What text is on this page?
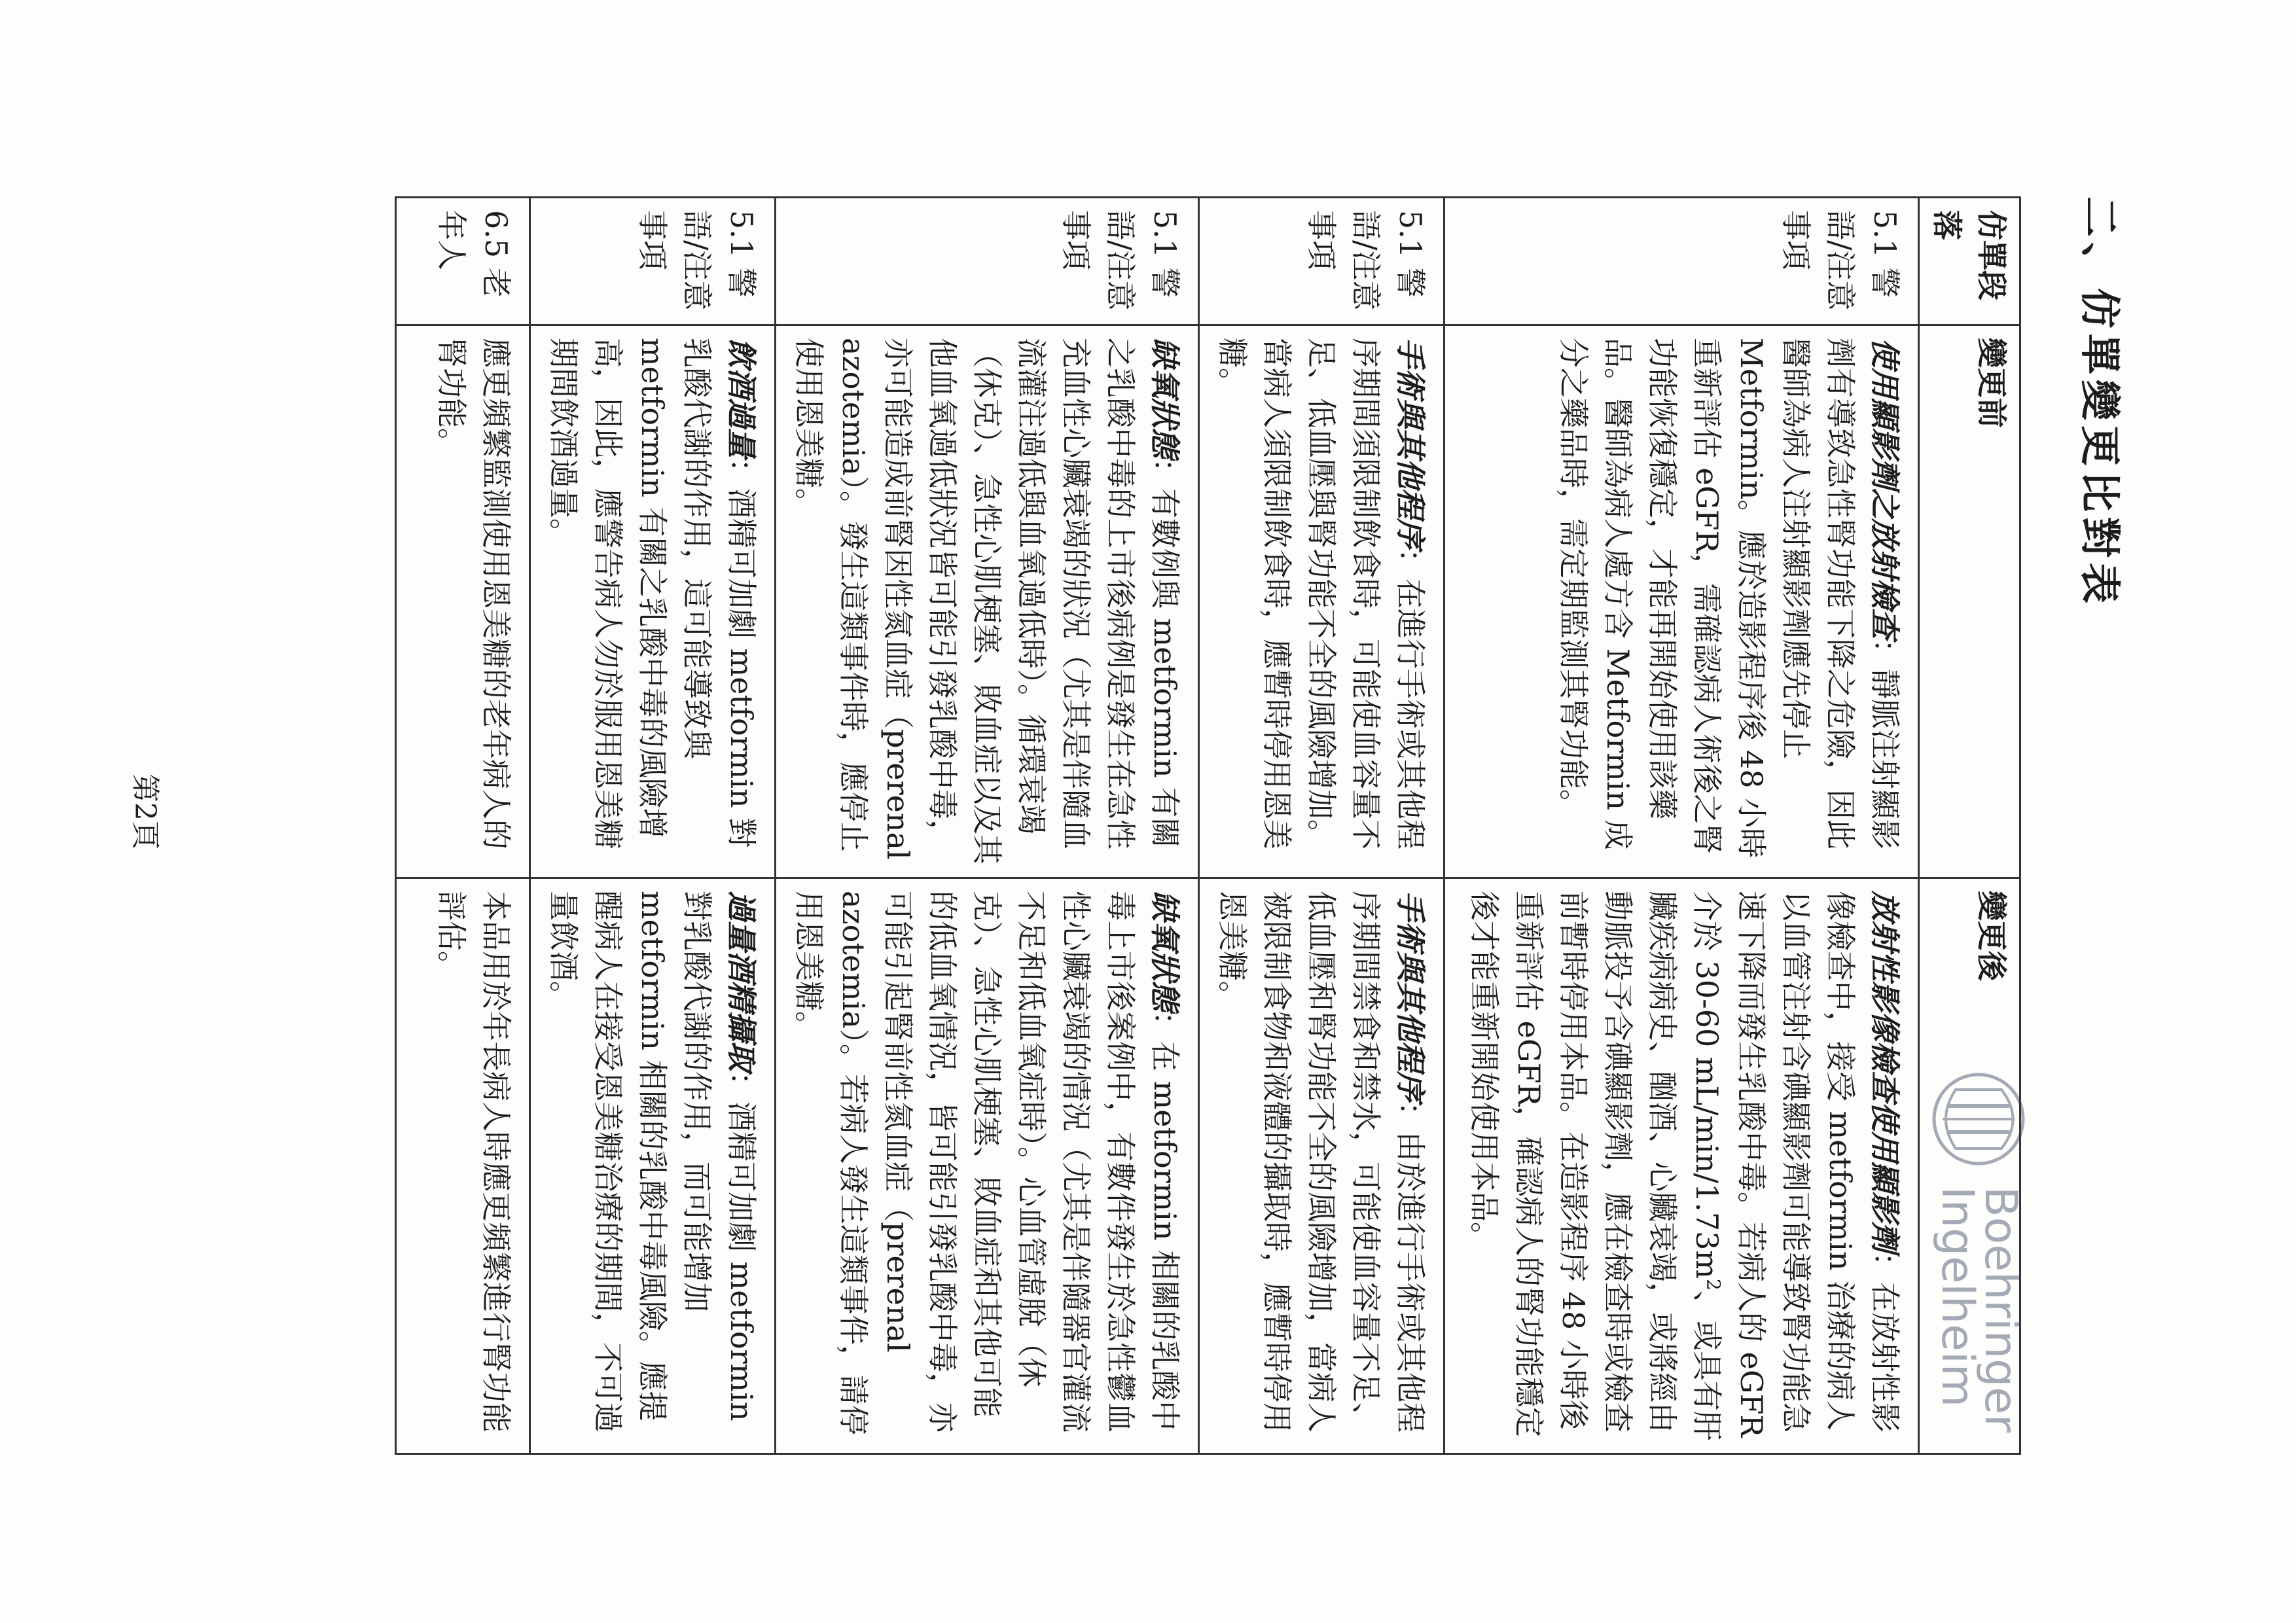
二、仿單變更比對表
Boehringer
Ingelheim
仿單段落	變更前	變更後
5.1 警語/注意事項	使用顯影劑之放射檢查：靜脈注射顯影劑有導致急性腎功能下降之危險，因此醫師為病人注射顯影劑應先停止 Metformin。應於造影程序後 48 小時重新評估 eGFR，需確認病人術後之腎功能恢復穩定，才能再開始使用該藥品。醫師為病人處方含 Metformin 成分之藥品時，需定期監測其腎功能。	放射性影像檢查使用顯影劑：在放射性影像檢查中，接受 metformin 治療的病人以血管注射含碘顯影劑可能導致腎功能急速下降而發生乳酸中毒。若病人的 eGFR 介於 30-60 $mL/\min/1.73m^2$、或具有肝臟疾病病史、酗酒、心臟衰竭，或將經由動脈投予含碘顯影劑，應在檢查時或檢查前暫時停用本品。在造影程序 48 小時後重新評估 eGFR，確認病人的腎功能穩定後才能重新開始使用本品。
5.1 警語/注意事項	手術與其他程序：在進行手術或其他程序期間須限制飲食時，可能使血容量不足、低血壓與腎功能不全的風險增加。當病人須限制飲食時，應暫時停用恩美糖。	手術與其他程序：由於進行手術或其他程序期間禁食和禁水，可能使血容量不足、低血壓和腎功能不全的風險增加，當病人被限制食物和液體的攝取時，應暫時停用恩美糖。
5.1 警語/注意事項	缺氧狀態：有數例與 metformin 有關之乳酸中毒的上市後病例是發生在急性充血性心臟衰竭的狀況（尤其是伴隨血流灌注過低與血氧過低時）。循環衰竭（休克）、急性心肌梗塞、敗血症以及其他血氧過低狀況皆可能引發乳酸中毒，亦可能造成前腎因性氮血症（prerenal azotemia）。發生這類事件時，應停止使用恩美糖。	缺氧狀態：在 metformin 相關的乳酸中毒上市後案例中，有數件發生於急性鬱血性心臟衰竭的情況（尤其是伴隨器官灌流不足和低血氧症時）。心血管虛脫（休克）、急性心肌梗塞、敗血症和其他可能的低血氧情況，皆可能引發乳酸中毒，亦可能引起腎前性氮血症（prerenal azotemia）。若病人發生這類事件，請停用恩美糖。
5.1 警語/注意事項	飲酒過量：酒精可加劇 metformin 對乳酸代謝的作用，這可能導致與 metformin 有關之乳酸中毒的風險增高，因此，應警告病人勿於服用恩美糖期間飲酒過量。	過量酒精攝取：酒精可加劇 metformin 對乳酸代謝的作用，而可能增加 metformin 相關的乳酸中毒風險。應提醒病人在接受恩美糖治療的期間，不可過量飲酒。
6.5 老年人	應更頻繁監測使用恩美糖的老年病人的腎功能。	本品用於年長病人時應更頻繁進行腎功能評估。
第2頁
